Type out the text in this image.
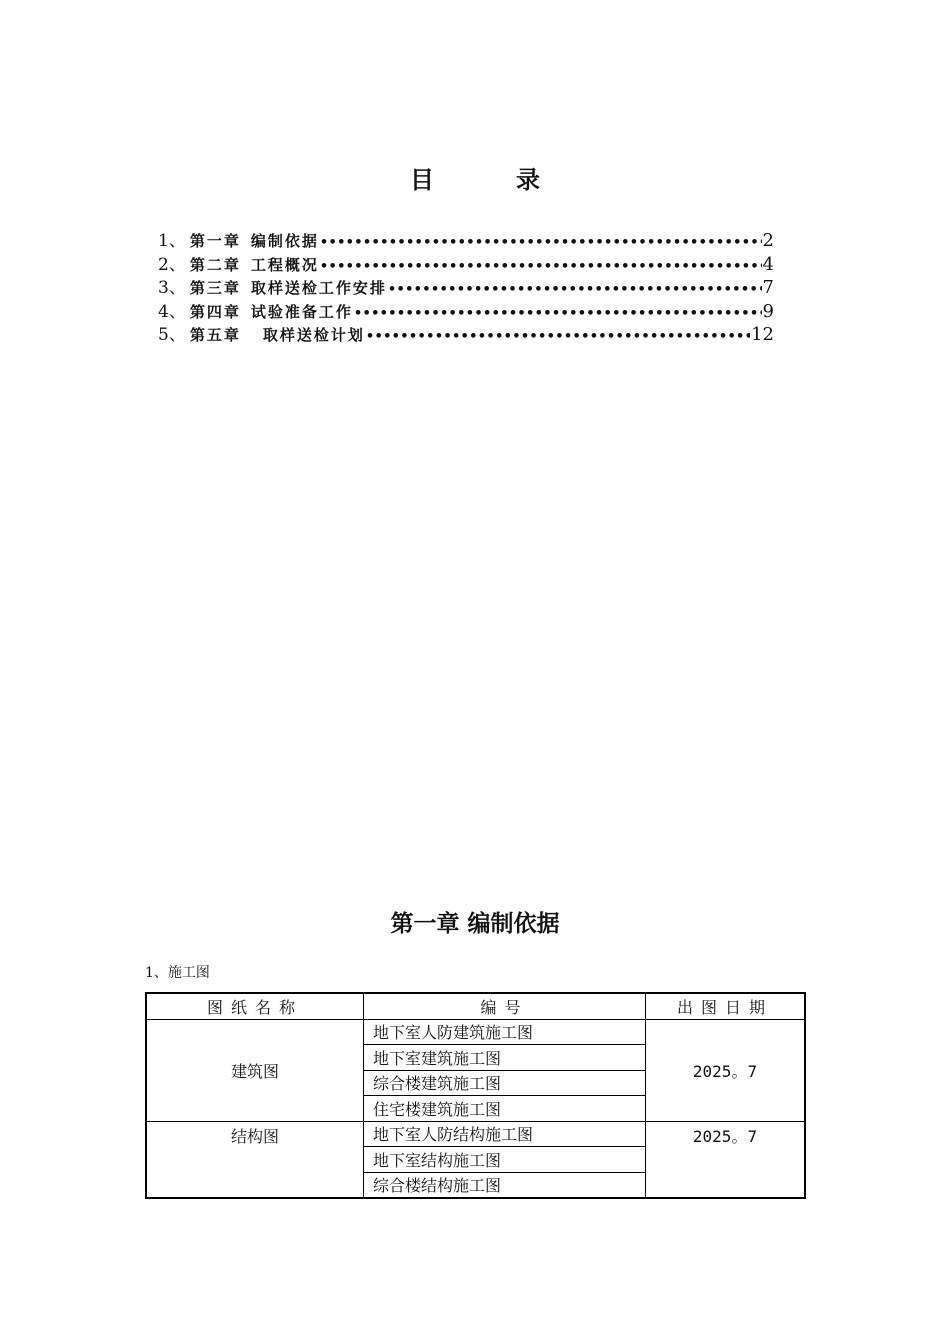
目	录
1、 第一章 编制依据 •••••	2
2、 第二章 工程概况 •••••	4
3、 第三章 取样送检工作安排 •••••	7
4、 第四章 试验准备工作 •••••	9
5、 第五章 取样送检计划 •••••	12
第一章 编制依据
1、施工图
图纸名称	编号	出图日期
建筑图	地下室人防建筑施工图	2025。7
	地下室建筑施工图	
	综合楼建筑施工图	
	住宅楼建筑施工图	
结构图	地下室人防结构施工图	2025。7
	地下室结构施工图	
	综合楼结构施工图	
